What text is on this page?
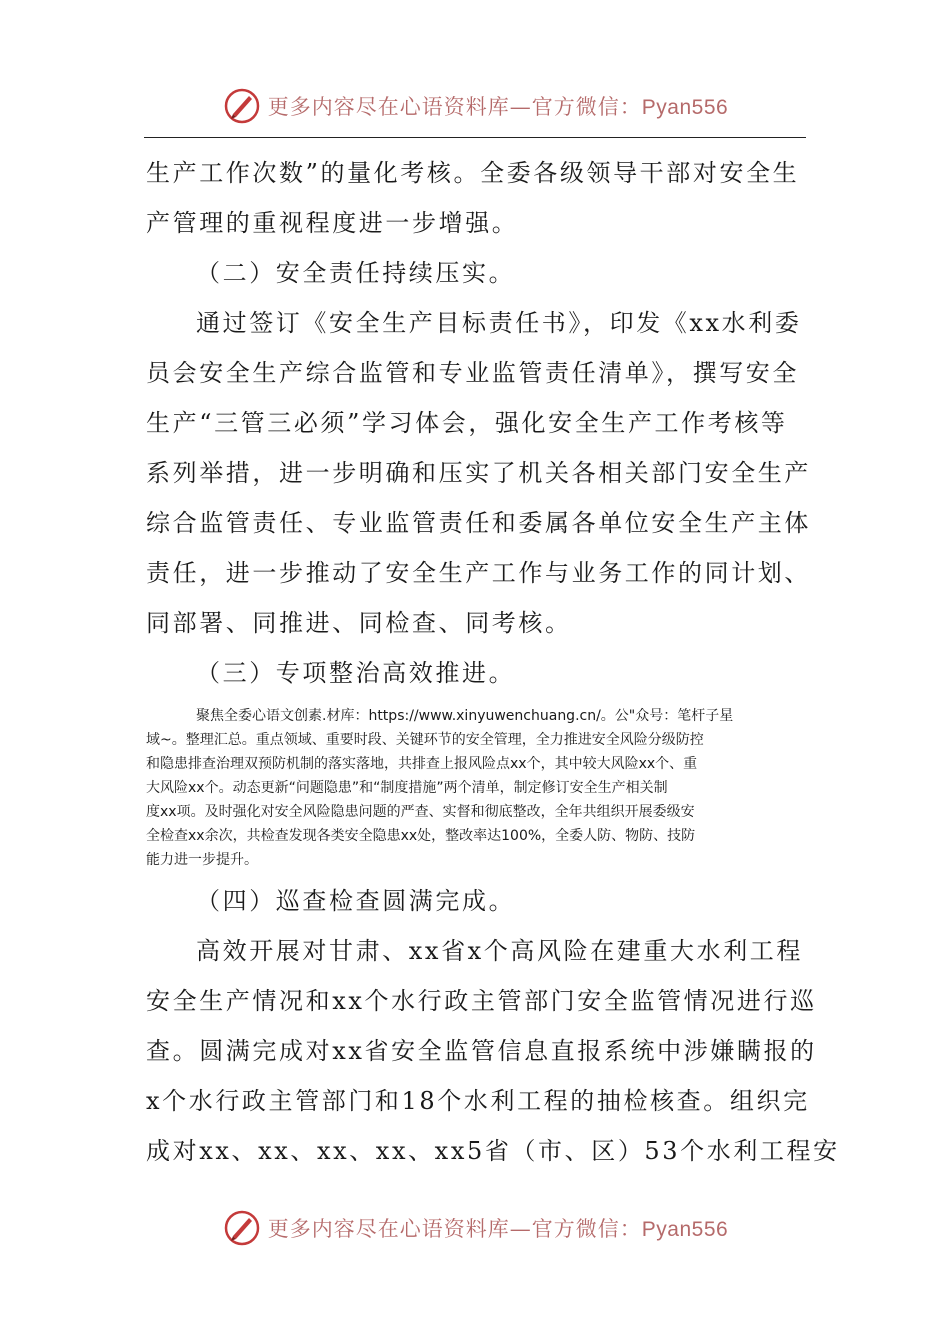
更多内容尽在心语资料库—官方微信：Pyan556

生产工作次数”的量化考核。全委各级领导干部对安全生

产管理的重视程度进一步增强。

（二）安全责任持续压实。

通过签订《安全生产目标责任书》，印发《xx水利委

员会安全生产综合监管和专业监管责任清单》，撰写安全

生产“三管三必须”学习体会，强化安全生产工作考核等

系列举措，进一步明确和压实了机关各相关部门安全生产

综合监管责任、专业监管责任和委属各单位安全生产主体

责任，进一步推动了安全生产工作与业务工作的同计划、

同部署、同推进、同检查、同考核。

（三）专项整治高效推进。

聚焦全委心语文创素.材库：https://www.xinyuwenchuang.cn/。公"众号：笔杆子星

域~。整理汇总。重点领域、重要时段、关键环节的安全管理，全力推进安全风险分级防控

和隐患排查治理双预防机制的落实落地，共排查上报风险点xx个，其中较大风险xx个、重

大风险xx个。动态更新“问题隐患”和“制度措施”两个清单，制定修订安全生产相关制

度xx项。及时强化对安全风险隐患问题的严查、实督和彻底整改，全年共组织开展委级安

全检查xx余次，共检查发现各类安全隐患xx处，整改率达100%，全委人防、物防、技防

能力进一步提升。

（四）巡查检查圆满完成。

高效开展对甘肃、xx省x个高风险在建重大水利工程

安全生产情况和xx个水行政主管部门安全监管情况进行巡

查。圆满完成对xx省安全监管信息直报系统中涉嫌瞒报的

x个水行政主管部门和18个水利工程的抽检核查。组织完

成对xx、xx、xx、xx、xx5省（市、区）53个水利工程安

更多内容尽在心语资料库—官方微信：Pyan556
